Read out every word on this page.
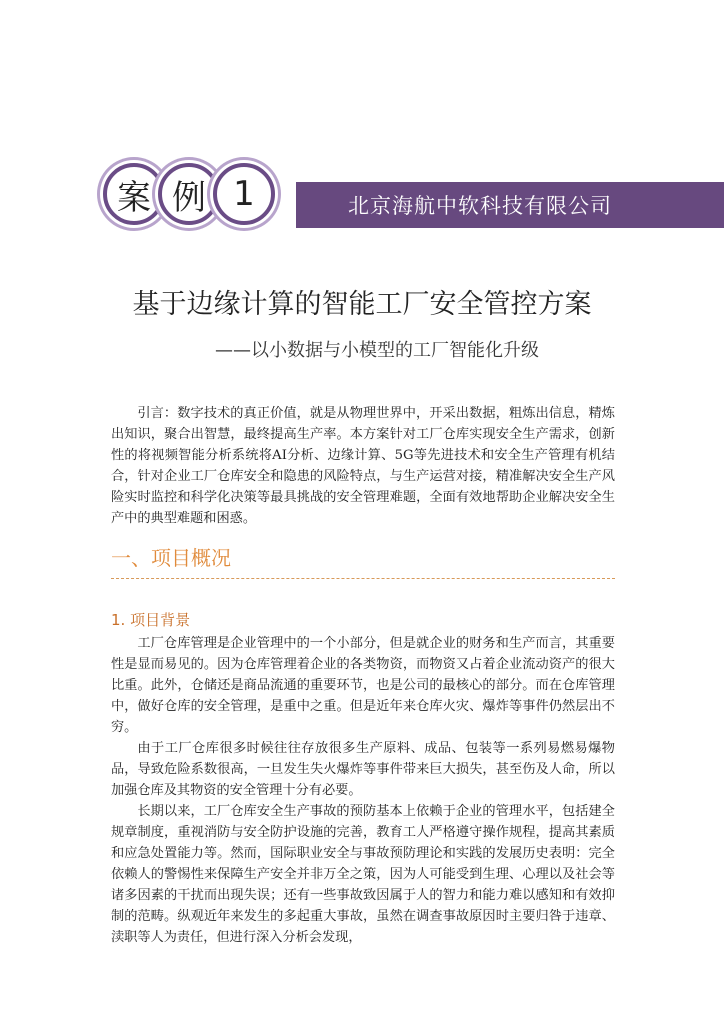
案 例 1	北京海航中软科技有限公司
基于边缘计算的智能工厂安全管控方案
——以小数据与小模型的工厂智能化升级

引言：数字技术的真正价值，就是从物理世界中，开采出数据，粗炼出信息，精炼出知识，聚合出智慧，最终提高生产率。本方案针对工厂仓库实现安全生产需求，创新性的将视频智能分析系统将AI分析、边缘计算、5G等先进技术和安全生产管理有机结合，针对企业工厂仓库安全和隐患的风险特点，与生产运营对接，精准解决安全生产风险实时监控和科学化决策等最具挑战的安全管理难题，全面有效地帮助企业解决安全生产中的典型难题和困惑。

一、项目概况
1. 项目背景

工厂仓库管理是企业管理中的一个小部分，但是就企业的财务和生产而言，其重要性是显而易见的。因为仓库管理着企业的各类物资，而物资又占着企业流动资产的很大比重。此外，仓储还是商品流通的重要环节，也是公司的最核心的部分。而在仓库管理中，做好仓库的安全管理，是重中之重。但是近年来仓库火灾、爆炸等事件仍然层出不穷。

由于工厂仓库很多时候往往存放很多生产原料、成品、包装等一系列易燃易爆物品，导致危险系数很高，一旦发生失火爆炸等事件带来巨大损失，甚至伤及人命，所以加强仓库及其物资的安全管理十分有必要。

长期以来，工厂仓库安全生产事故的预防基本上依赖于企业的管理水平，包括建全规章制度，重视消防与安全防护设施的完善，教育工人严格遵守操作规程，提高其素质和应急处置能力等。然而，国际职业安全与事故预防理论和实践的发展历史表明：完全依赖人的警惕性来保障生产安全并非万全之策，因为人可能受到生理、心理以及社会等诸多因素的干扰而出现失误；还有一些事故致因属于人的智力和能力难以感知和有效抑制的范畴。纵观近年来发生的多起重大事故，虽然在调查事故原因时主要归咎于违章、渎职等人为责任，但进行深入分析会发现，
